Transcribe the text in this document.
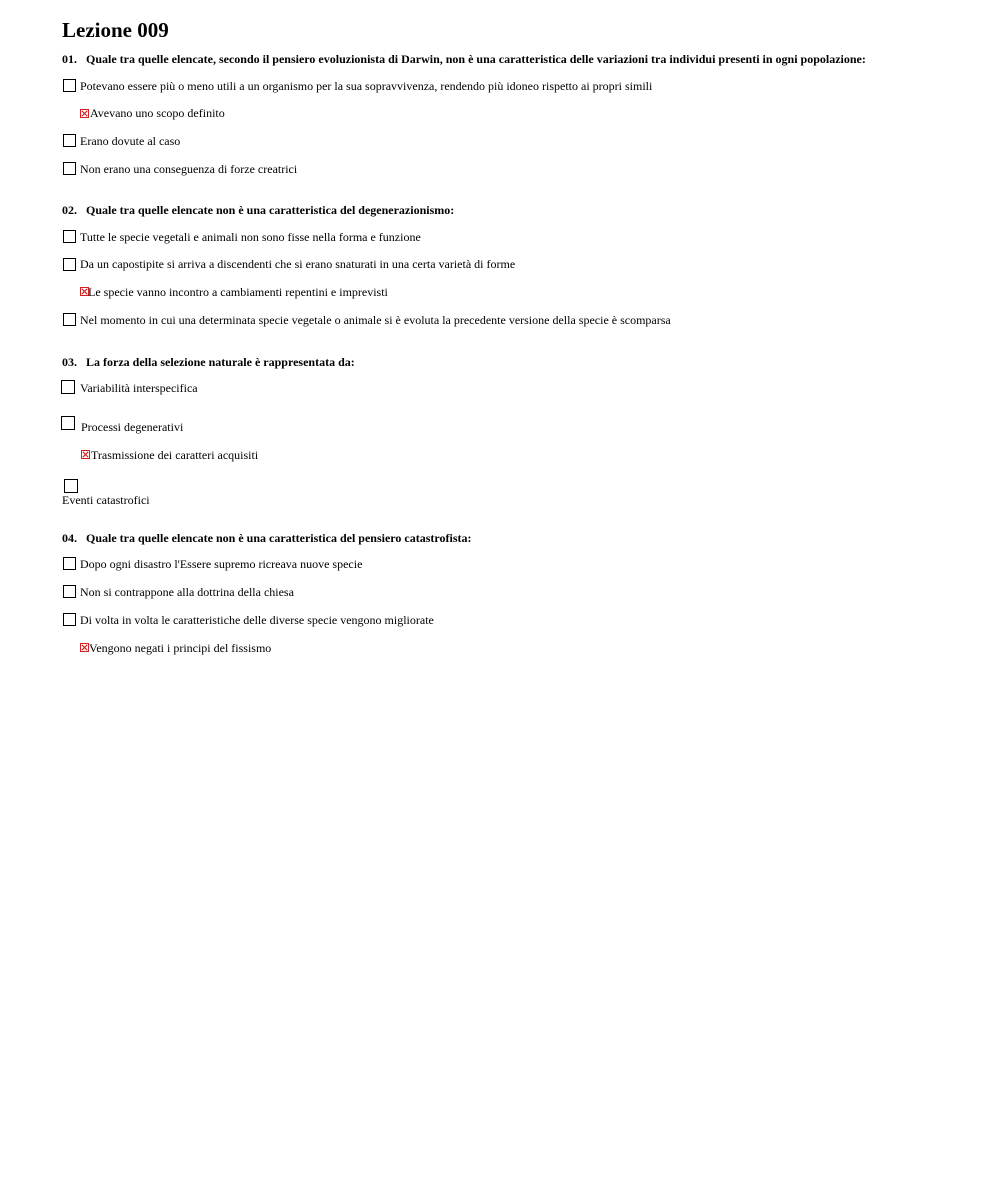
Lezione 009
01. Quale tra quelle elencate, secondo il pensiero evoluzionista di Darwin, non è una caratteristica delle variazioni tra individui presenti in ogni popolazione:
Potevano essere più o meno utili a un organismo per la sua sopravvivenza, rendendo più idoneo rispetto ai propri simili
Avevano uno scopo definito
Erano dovute al caso
Non erano una conseguenza di forze creatrici
02. Quale tra quelle elencate non è una caratteristica del degenerazionismo:
Tutte le specie vegetali e animali non sono fisse nella forma e funzione
Da un capostipite si arriva a discendenti che si erano snaturati in una certa varietà di forme
Le specie vanno incontro a cambiamenti repentini e imprevisti
Nel momento in cui una determinata specie vegetale o animale si è evoluta la precedente versione della specie è scomparsa
03. La forza della selezione naturale è rappresentata da:
Variabilità interspecifica
Processi degenerativi
Trasmissione dei caratteri acquisiti
Eventi catastrofici
04. Quale tra quelle elencate non è una caratteristica del pensiero catastrofista:
Dopo ogni disastro l'Essere supremo ricreava nuove specie
Non si contrappone alla dottrina della chiesa
Di volta in volta le caratteristiche delle diverse specie vengono migliorate
Vengono negati i principi del fissismo
